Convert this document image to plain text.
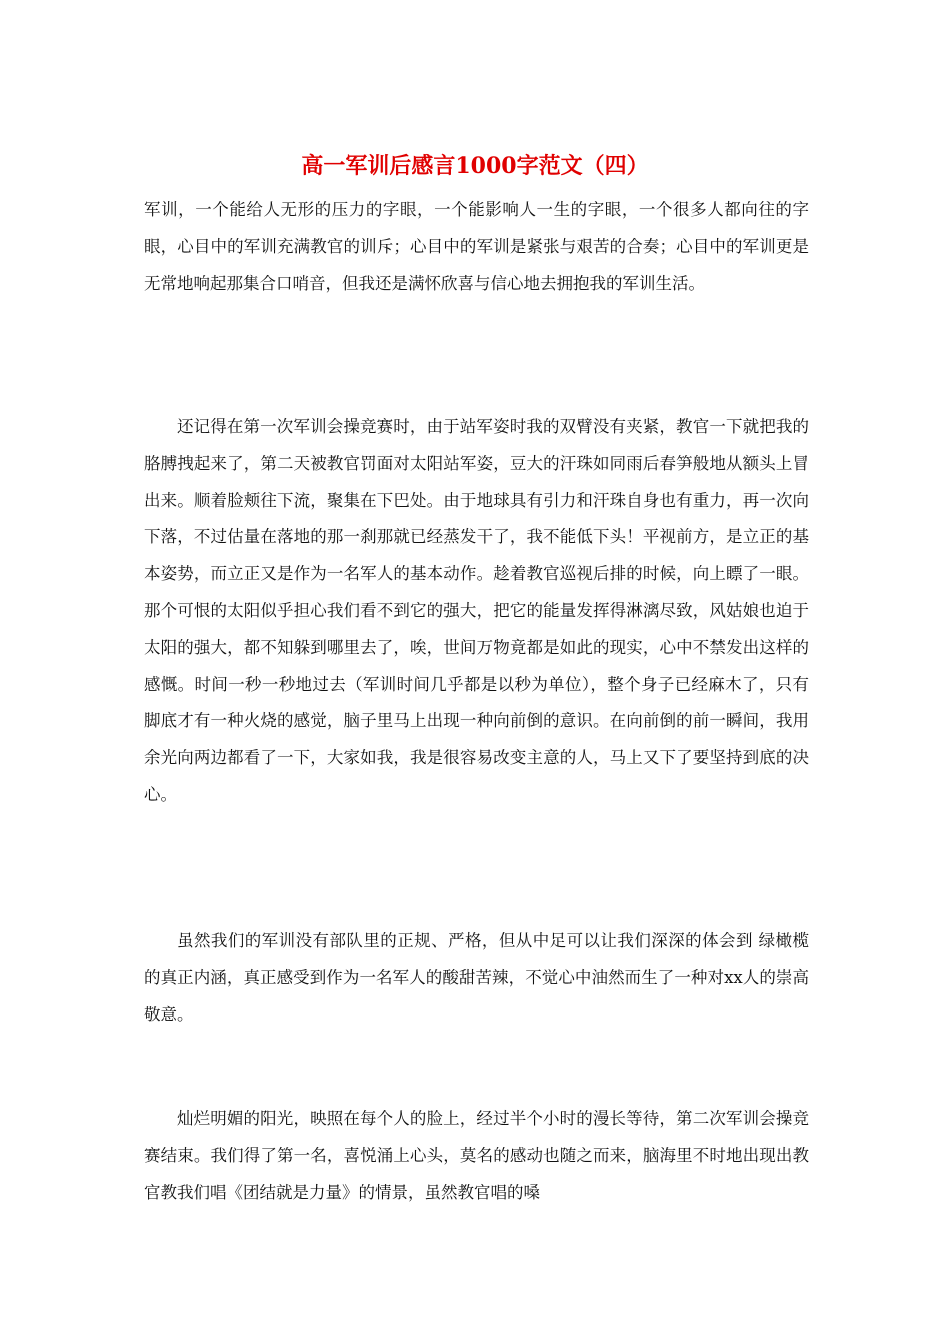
高一军训后感言1000字范文（四）

军训，一个能给人无形的压力的字眼，一个能影响人一生的字眼，一个很多人都向往的字眼，心目中的军训充满教官的训斥；心目中的军训是紧张与艰苦的合奏；心目中的军训更是无常地响起那集合口哨音，但我还是满怀欣喜与信心地去拥抱我的军训生活。

还记得在第一次军训会操竞赛时，由于站军姿时我的双臂没有夹紧，教官一下就把我的胳膊拽起来了，第二天被教官罚面对太阳站军姿，豆大的汗珠如同雨后春笋般地从额头上冒出来。顺着脸颊往下流，聚集在下巴处。由于地球具有引力和汗珠自身也有重力，再一次向下落，不过估量在落地的那一刹那就已经蒸发干了，我不能低下头！平视前方，是立正的基本姿势，而立正又是作为一名军人的基本动作。趁着教官巡视后排的时候，向上瞟了一眼。那个可恨的太阳似乎担心我们看不到它的强大，把它的能量发挥得淋漓尽致，风姑娘也迫于太阳的强大，都不知躲到哪里去了，唉，世间万物竟都是如此的现实，心中不禁发出这样的感慨。时间一秒一秒地过去（军训时间几乎都是以秒为单位），整个身子已经麻木了，只有脚底才有一种火烧的感觉，脑子里马上出现一种向前倒的意识。在向前倒的前一瞬间，我用余光向两边都看了一下，大家如我，我是很容易改变主意的人，马上又下了要坚持到底的决心。

虽然我们的军训没有部队里的正规、严格，但从中足可以让我们深深的体会到 绿橄榄 的真正内涵，真正感受到作为一名军人的酸甜苦辣，不觉心中油然而生了一种对xx人的崇高敬意。

灿烂明媚的阳光，映照在每个人的脸上，经过半个小时的漫长等待，第二次军训会操竞赛结束。我们得了第一名，喜悦涌上心头，莫名的感动也随之而来，脑海里不时地出现出教官教我们唱《团结就是力量》的情景，虽然教官唱的嗓
